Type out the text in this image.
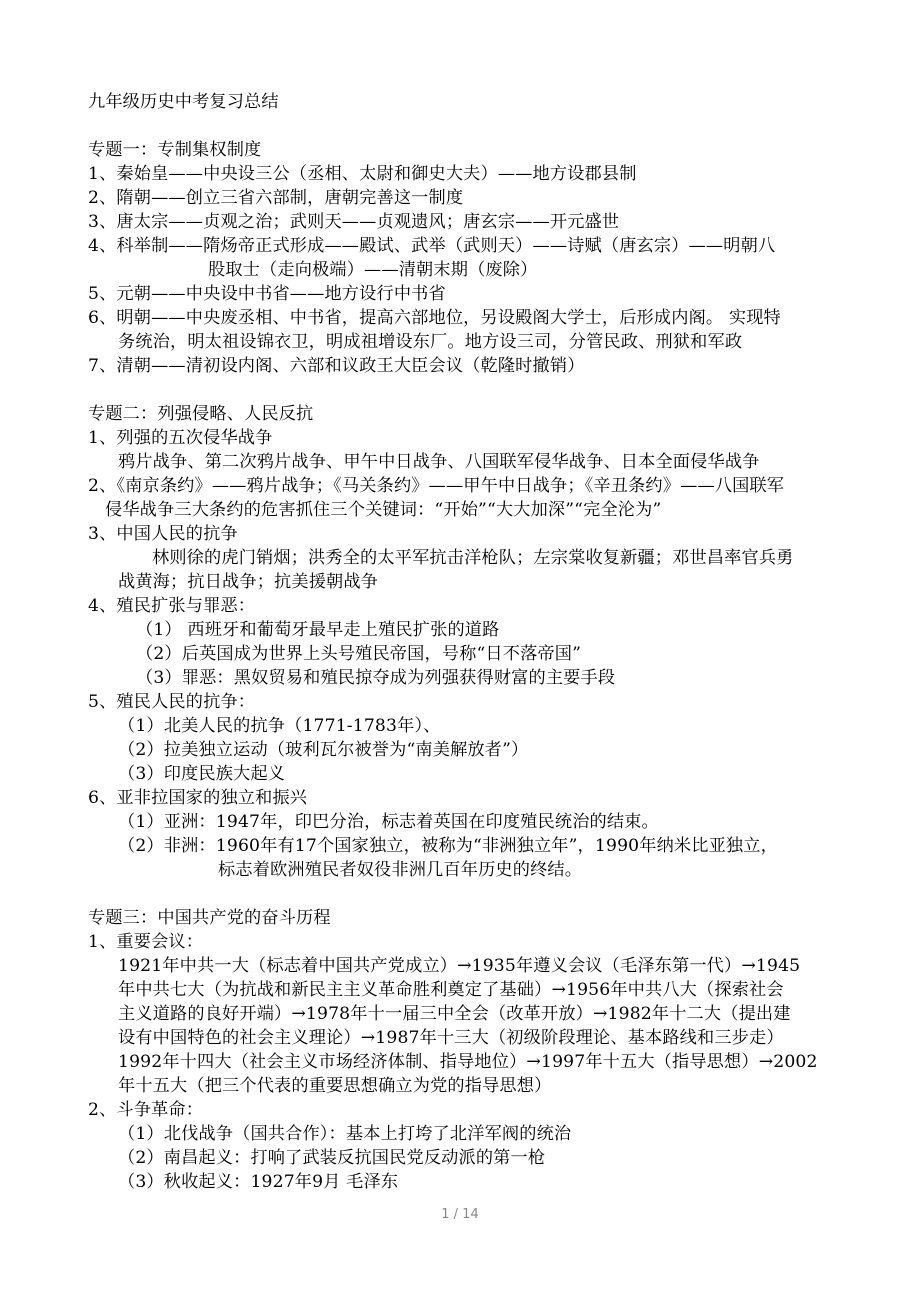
九年级历史中考复习总结
专题一：专制集权制度
1、秦始皇——中央设三公（丞相、太尉和御史大夫）——地方设郡县制
2、隋朝——创立三省六部制，唐朝完善这一制度
3、唐太宗——贞观之治；武则天——贞观遗风；唐玄宗——开元盛世
4、科举制——隋炀帝正式形成——殿试、武举（武则天）——诗赋（唐玄宗）——明朝八
股取士（走向极端）——清朝末期（废除）
5、元朝——中央设中书省——地方设行中书省
6、明朝——中央废丞相、中书省，提高六部地位，另设殿阁大学士，后形成内阁。 实现特
务统治，明太祖设锦衣卫，明成祖增设东厂。地方设三司，分管民政、刑狱和军政
7、清朝——清初设内阁、六部和议政王大臣会议（乾隆时撤销）
专题二：列强侵略、人民反抗
1、列强的五次侵华战争
鸦片战争、第二次鸦片战争、甲午中日战争、八国联军侵华战争、日本全面侵华战争
2、《南京条约》——鸦片战争；《马关条约》——甲午中日战争；《辛丑条约》——八国联军
侵华战争三大条约的危害抓住三个关键词：“开始”“大大加深”“完全沦为”
3、中国人民的抗争
林则徐的虎门销烟；洪秀全的太平军抗击洋枪队；左宗棠收复新疆；邓世昌率官兵勇
战黄海；抗日战争；抗美援朝战争
4、殖民扩张与罪恶：
（1） 西班牙和葡萄牙最早走上殖民扩张的道路
（2）后英国成为世界上头号殖民帝国，号称“日不落帝国”
（3）罪恶：黑奴贸易和殖民掠夺成为列强获得财富的主要手段
5、殖民人民的抗争：
（1）北美人民的抗争（1771-1783年）、
（2）拉美独立运动（玻利瓦尔被誉为“南美解放者”）
（3）印度民族大起义
6、亚非拉国家的独立和振兴
（1）亚洲：1947年，印巴分治，标志着英国在印度殖民统治的结束。
（2）非洲：1960年有17个国家独立，被称为“非洲独立年”，1990年纳米比亚独立，
标志着欧洲殖民者奴役非洲几百年历史的终结。
专题三：中国共产党的奋斗历程
1、重要会议：
1921年中共一大（标志着中国共产党成立）→1935年遵义会议（毛泽东第一代）→1945
年中共七大（为抗战和新民主主义革命胜利奠定了基础）→1956年中共八大（探索社会
主义道路的良好开端）→1978年十一届三中全会（改革开放）→1982年十二大（提出建
设有中国特色的社会主义理论）→1987年十三大（初级阶段理论、基本路线和三步走）
1992年十四大（社会主义市场经济体制、指导地位）→1997年十五大（指导思想）→2002
年十五大（把三个代表的重要思想确立为党的指导思想）
2、斗争革命：
（1）北伐战争（国共合作）：基本上打垮了北洋军阀的统治
（2）南昌起义：打响了武装反抗国民党反动派的第一枪
（3）秋收起义：1927年9月 毛泽东
1 / 14
